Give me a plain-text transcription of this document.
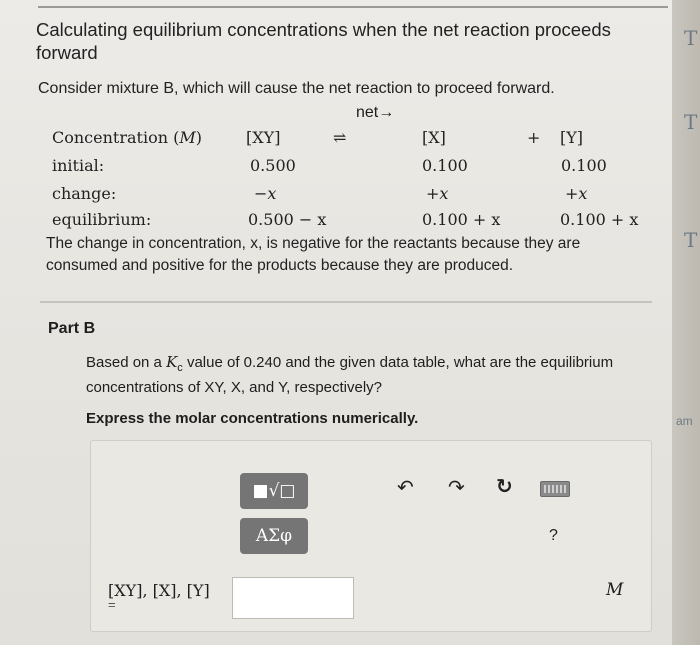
T
T
T
am
Calculating equilibrium concentrations when the net reaction proceeds forward
Consider mixture B, which will cause the net reaction to proceed forward.
net→
Concentration (M)	[XY]	⇌	[X]	+ [Y]
initial:	0.500	0.100	0.100
change:	−x	+x	+x
equilibrium:	0.500 − x	0.100 + x	0.100 + x
The change in concentration, x, is negative for the reactants because they are consumed and positive for the products because they are produced.
Part B
Based on a $K_c$ value of 0.240 and the given data table, what are the equilibrium concentrations of XY, X, and Y, respectively?
Express the molar concentrations numerically.
■√□
ΑΣφ
↶ ↷ ↻
?
[XY], [X], [Y]
=
M
